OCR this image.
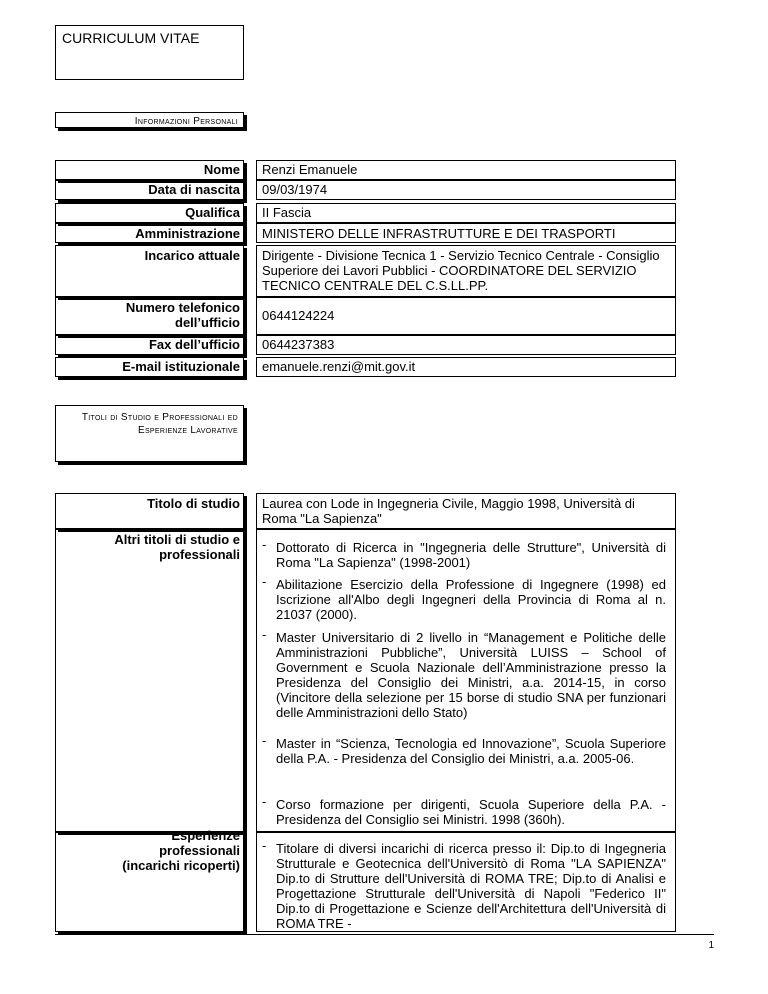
CURRICULUM VITAE
Informazioni Personali
Nome Renzi Emanuele
Data di nascita 09/03/1974
Qualifica II Fascia
Amministrazione MINISTERO DELLE INFRASTRUTTURE E DEI TRASPORTI
Incarico attuale Dirigente - Divisione Tecnica 1 - Servizio Tecnico Centrale - Consiglio Superiore dei Lavori Pubblici - COORDINATORE DEL SERVIZIO TECNICO CENTRALE DEL C.S.LL.PP.
Numero telefonico dell’ufficio 0644124224
Fax dell’ufficio 0644237383
E-mail istituzionale emanuele.renzi@mit.gov.it
Titoli di Studio e Professionali ed Esperienze Lavorative
Titolo di studio Laurea con Lode in Ingegneria Civile, Maggio 1998, Università di Roma "La Sapienza"
Altri titoli di studio e professionali
- Dottorato di Ricerca in "Ingegneria delle Strutture", Università di Roma "La Sapienza" (1998-2001)
- Abilitazione Esercizio della Professione di Ingegnere (1998) ed Iscrizione all'Albo degli Ingegneri della Provincia di Roma al n. 21037 (2000).
- Master Universitario di 2 livello in “Management e Politiche delle Amministrazioni Pubbliche”, Università LUISS – School of Government e Scuola Nazionale dell’Amministrazione presso la Presidenza del Consiglio dei Ministri, a.a. 2014-15, in corso (Vincitore della selezione per 15 borse di studio SNA per funzionari delle Amministrazioni dello Stato)
- Master in “Scienza, Tecnologia ed Innovazione”, Scuola Superiore della P.A. - Presidenza del Consiglio dei Ministri, a.a. 2005-06.
- Corso formazione per dirigenti, Scuola Superiore della P.A. - Presidenza del Consiglio sei Ministri. 1998 (360h).
Esperienze professionali (incarichi ricoperti)
- Titolare di diversi incarichi di ricerca presso il: Dip.to di Ingegneria Strutturale e Geotecnica dell'Universitò di Roma "LA SAPIENZA" Dip.to di Strutture dell'Università di ROMA TRE; Dip.to di Analisi e Progettazione Strutturale dell'Università di Napoli "Federico II" Dip.to di Progettazione e Scienze dell'Architettura dell'Università di ROMA TRE -
1
